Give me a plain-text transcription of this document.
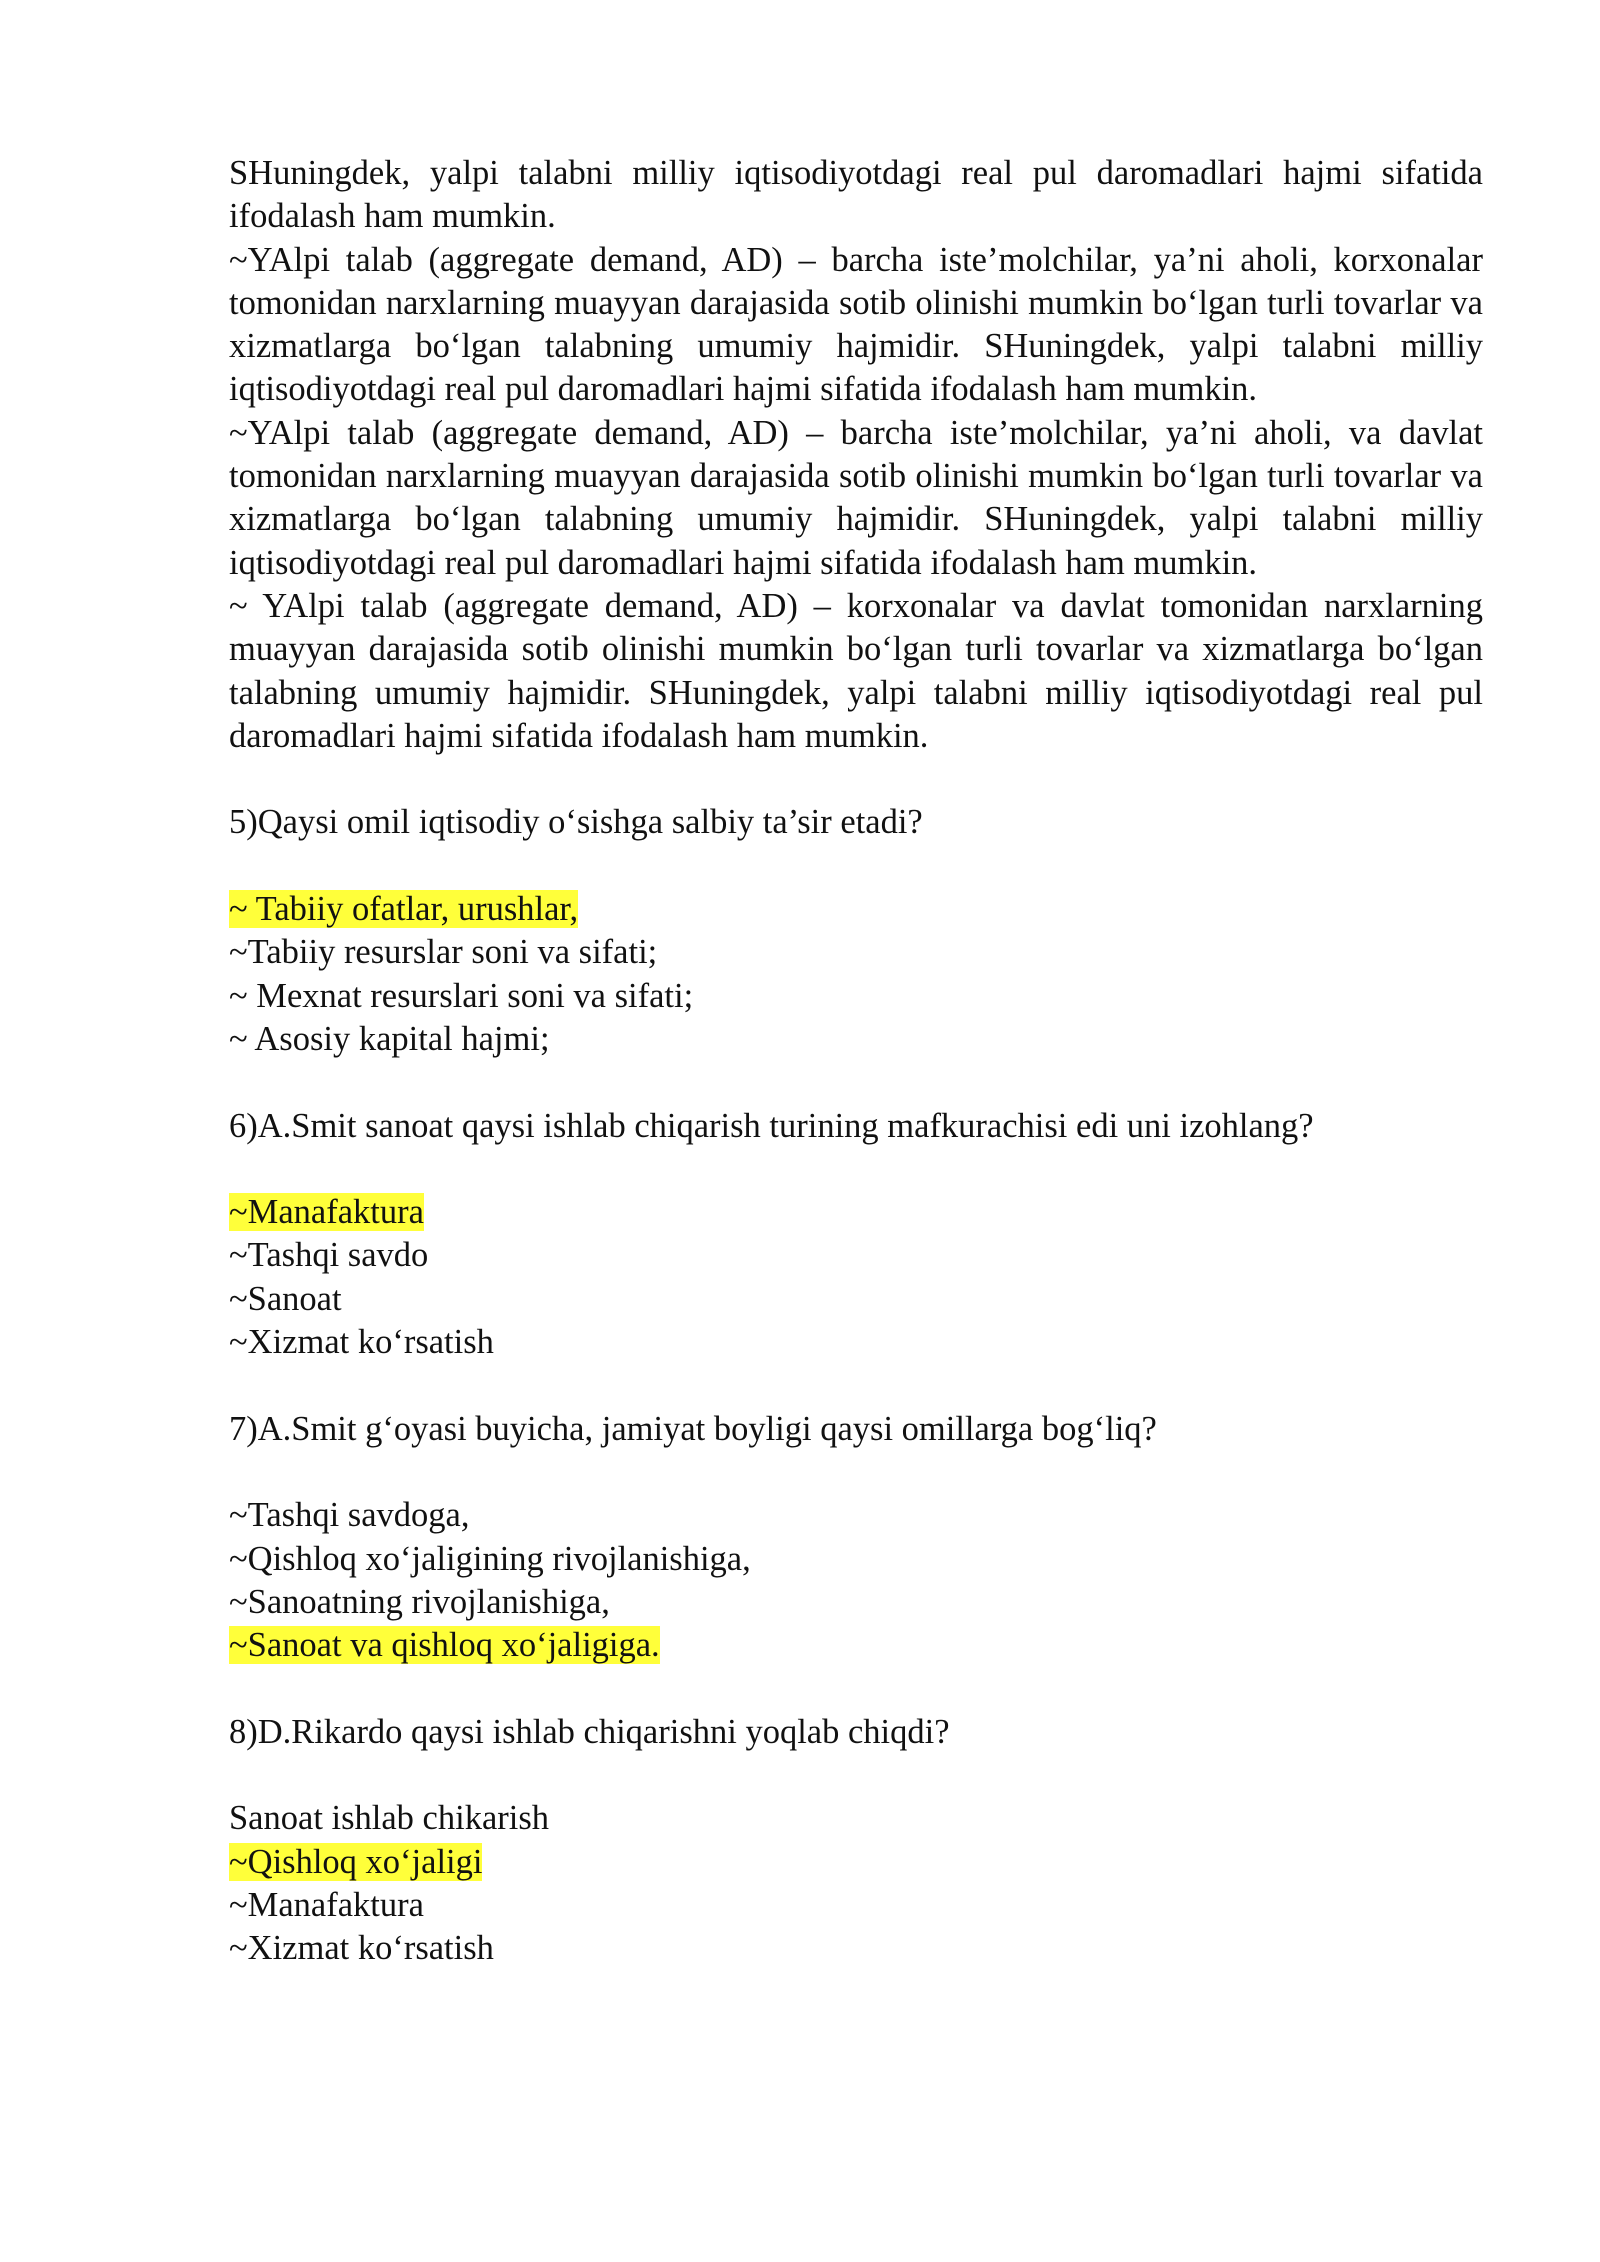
SHuningdek, yalpi talabni milliy iqtisodiyotdagi real pul daromadlari hajmi sifatida ifodalash ham mumkin.

~YAlpi talab (aggregate demand, AD) – barcha iste’molchilar, ya’ni aholi, korxonalar tomonidan narxlarning muayyan darajasida sotib olinishi mumkin bo‘lgan turli tovarlar va xizmatlarga bo‘lgan talabning umumiy hajmidir. SHuningdek, yalpi talabni milliy iqtisodiyotdagi real pul daromadlari hajmi sifatida ifodalash ham mumkin.

~YAlpi talab (aggregate demand, AD) – barcha iste’molchilar, ya’ni aholi, va davlat tomonidan narxlarning muayyan darajasida sotib olinishi mumkin bo‘lgan turli tovarlar va xizmatlarga bo‘lgan talabning umumiy hajmidir. SHuningdek, yalpi talabni milliy iqtisodiyotdagi real pul daromadlari hajmi sifatida ifodalash ham mumkin.

~ YAlpi talab (aggregate demand, AD) – korxonalar va davlat tomonidan narxlarning muayyan darajasida sotib olinishi mumkin bo‘lgan turli tovarlar va xizmatlarga bo‘lgan talabning umumiy hajmidir. SHuningdek, yalpi talabni milliy iqtisodiyotdagi real pul daromadlari hajmi sifatida ifodalash ham mumkin.

5)Qaysi omil iqtisodiy o‘sishga salbiy ta’sir etadi?

~ Tabiiy ofatlar, urushlar,

~Tabiiy resurslar soni va sifati;

~ Mexnat resurslari soni va sifati;

~ Asosiy kapital hajmi;

6)A.Smit sanoat qaysi ishlab chiqarish turining mafkurachisi edi uni izohlang?

~Manafaktura

~Tashqi savdo

~Sanoat

~Xizmat ko‘rsatish

7)A.Smit g‘oyasi buyicha, jamiyat boyligi qaysi omillarga bog‘liq?

~Tashqi savdoga,

~Qishloq xo‘jaligining rivojlanishiga,

~Sanoatning rivojlanishiga,

~Sanoat va qishloq xo‘jaligiga.

8)D.Rikardo qaysi ishlab chiqarishni yoqlab chiqdi?

Sanoat ishlab chikarish

~Qishloq xo‘jaligi

~Manafaktura

~Xizmat ko‘rsatish
